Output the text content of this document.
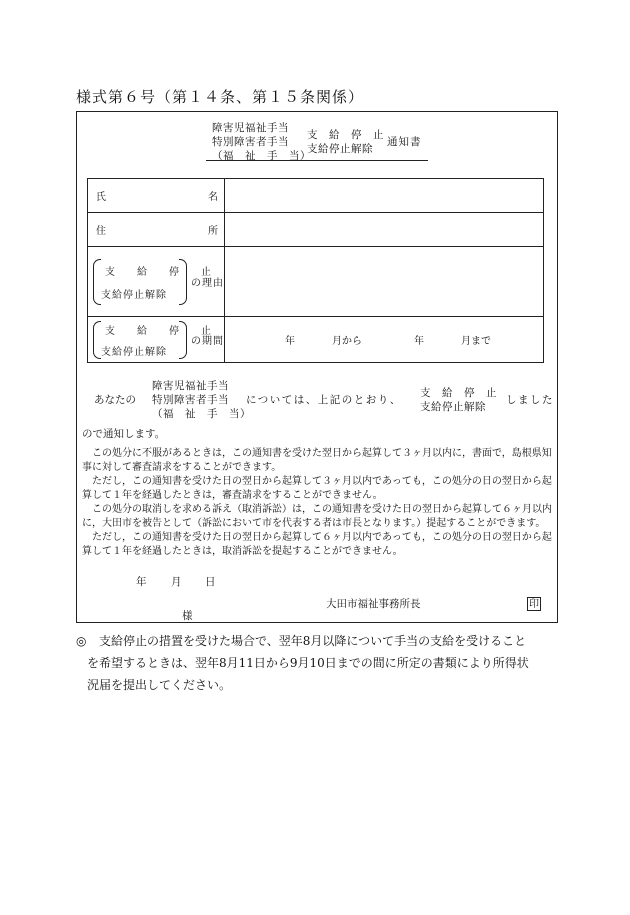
様式第６号（第１４条、第１５条関係）
障害児福祉手当
特別障害者手当
（福　祉　手　当）
支　給　停　止
支給停止解除
通知書
氏 名	

住 所	

支　給　停　止
支給停止解除
の理由	

支　給　停　止
支給停止解除
の期間	年 月から 年 月まで
あなたの
障害児福祉手当
特別障害者手当
（福　祉　手　当）
については、上記のとおり、
支　給　停　止
支給停止解除
しました
ので通知します。

この処分に不服があるときは，この通知書を受けた翌日から起算して３ヶ月以内に，書面で，島根県知事に対して審査請求をすることができます。

ただし，この通知書を受けた日の翌日から起算して３ヶ月以内であっても，この処分の日の翌日から起算して１年を経過したときは，審査請求をすることができません。

この処分の取消しを求める訴え（取消訴訟）は，この通知書を受けた日の翌日から起算して６ヶ月以内に，大田市を被告として（訴訟において市を代表する者は市長となります。）提起することができます。

ただし，この通知書を受けた日の翌日から起算して６ヶ月以内であっても，この処分の日の翌日から起算して１年を経過したときは，取消訴訟を提起することができません。

年 月 日
様
大田市福祉事務所長	印
◎ 支給停止の措置を受けた場合で、翌年8月以降について手当の支給を受けること
を希望するときは、翌年8月11日から9月10日までの間に所定の書類により所得状
況届を提出してください。
